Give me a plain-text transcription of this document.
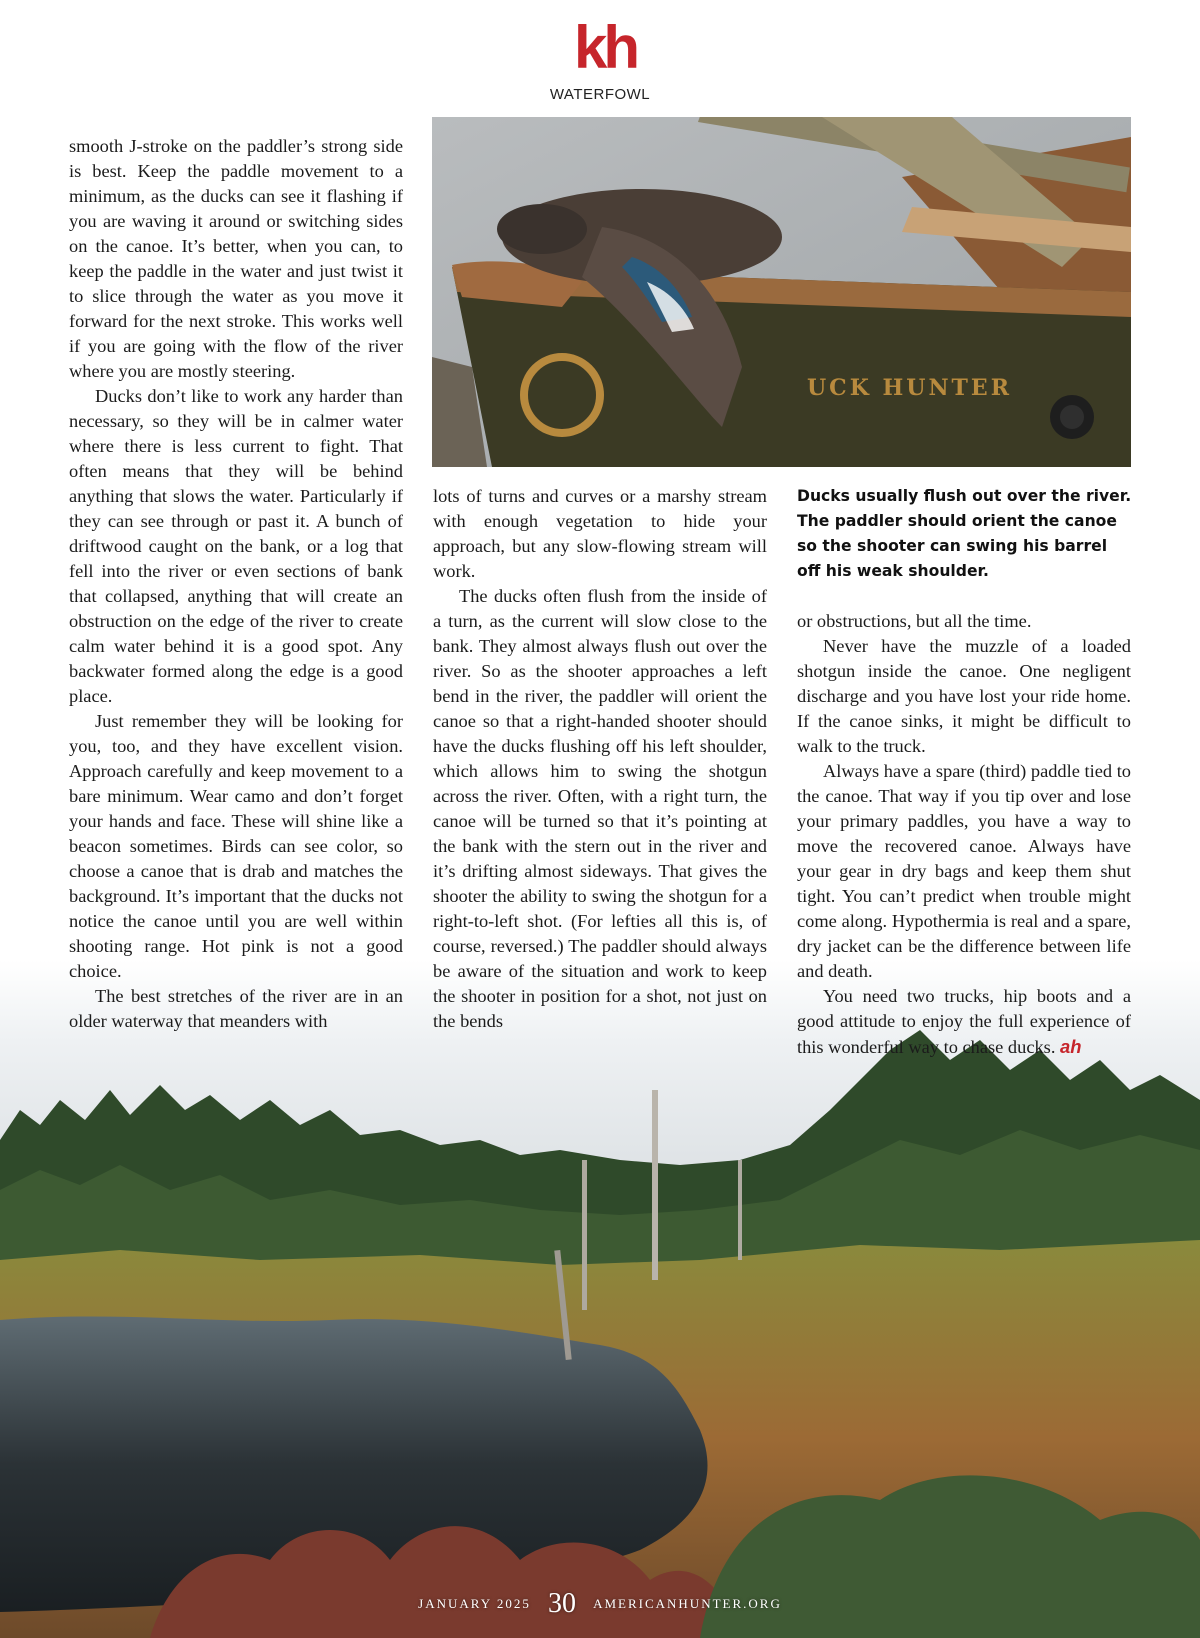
kh
WATERFOWL
UCK HUNTER

smooth J-stroke on the paddler’s strong side is best. Keep the paddle movement to a minimum, as the ducks can see it flashing if you are waving it around or switching sides on the canoe. It’s better, when you can, to keep the paddle in the water and just twist it to slice through the water as you move it forward for the next stroke. This works well if you are going with the flow of the river where you are mostly steering.

Ducks don’t like to work any harder than necessary, so they will be in calmer water where there is less current to fight. That often means that they will be behind anything that slows the water. Particularly if they can see through or past it. A bunch of driftwood caught on the bank, or a log that fell into the river or even sections of bank that collapsed, anything that will create an obstruction on the edge of the river to create calm water behind it is a good spot. Any backwater formed along the edge is a good place.

Just remember they will be looking for you, too, and they have excellent vision. Approach carefully and keep movement to a bare minimum. Wear camo and don’t forget your hands and face. These will shine like a beacon sometimes. Birds can see color, so choose a canoe that is drab and matches the background. It’s important that the ducks not notice the canoe until you are well within shooting range. Hot pink is not a good choice.

The best stretches of the river are in an older waterway that meanders with

lots of turns and curves or a marshy stream with enough vegetation to hide your approach, but any slow-flowing stream will work.

The ducks often flush from the inside of a turn, as the current will slow close to the bank. They almost always flush out over the river. So as the shooter approaches a left bend in the river, the paddler will orient the canoe so that a right-handed shooter should have the ducks flushing off his left shoulder, which allows him to swing the shotgun across the river. Often, with a right turn, the canoe will be turned so that it’s pointing at the bank with the stern out in the river and it’s drifting almost sideways. That gives the shooter the ability to swing the shotgun for a right-to-left shot. (For lefties all this is, of course, reversed.) The paddler should always be aware of the situation and work to keep the shooter in position for a shot, not just on the bends

Ducks usually flush out over the river. The paddler should orient the canoe so the shooter can swing his barrel off his weak shoulder.

or obstructions, but all the time.

Never have the muzzle of a loaded shotgun inside the canoe. One negligent discharge and you have lost your ride home. If the canoe sinks, it might be difficult to walk to the truck.

Always have a spare (third) paddle tied to the canoe. That way if you tip over and lose your primary paddles, you have a way to move the recovered canoe. Always have your gear in dry bags and keep them shut tight. You can’t predict when trouble might come along. Hypothermia is real and a spare, dry jacket can be the difference between life and death.

You need two trucks, hip boots and a good attitude to enjoy the full experience of this wonderful way to chase ducks. ah

JANUARY 2025 30 AMERICANHUNTER.ORG
